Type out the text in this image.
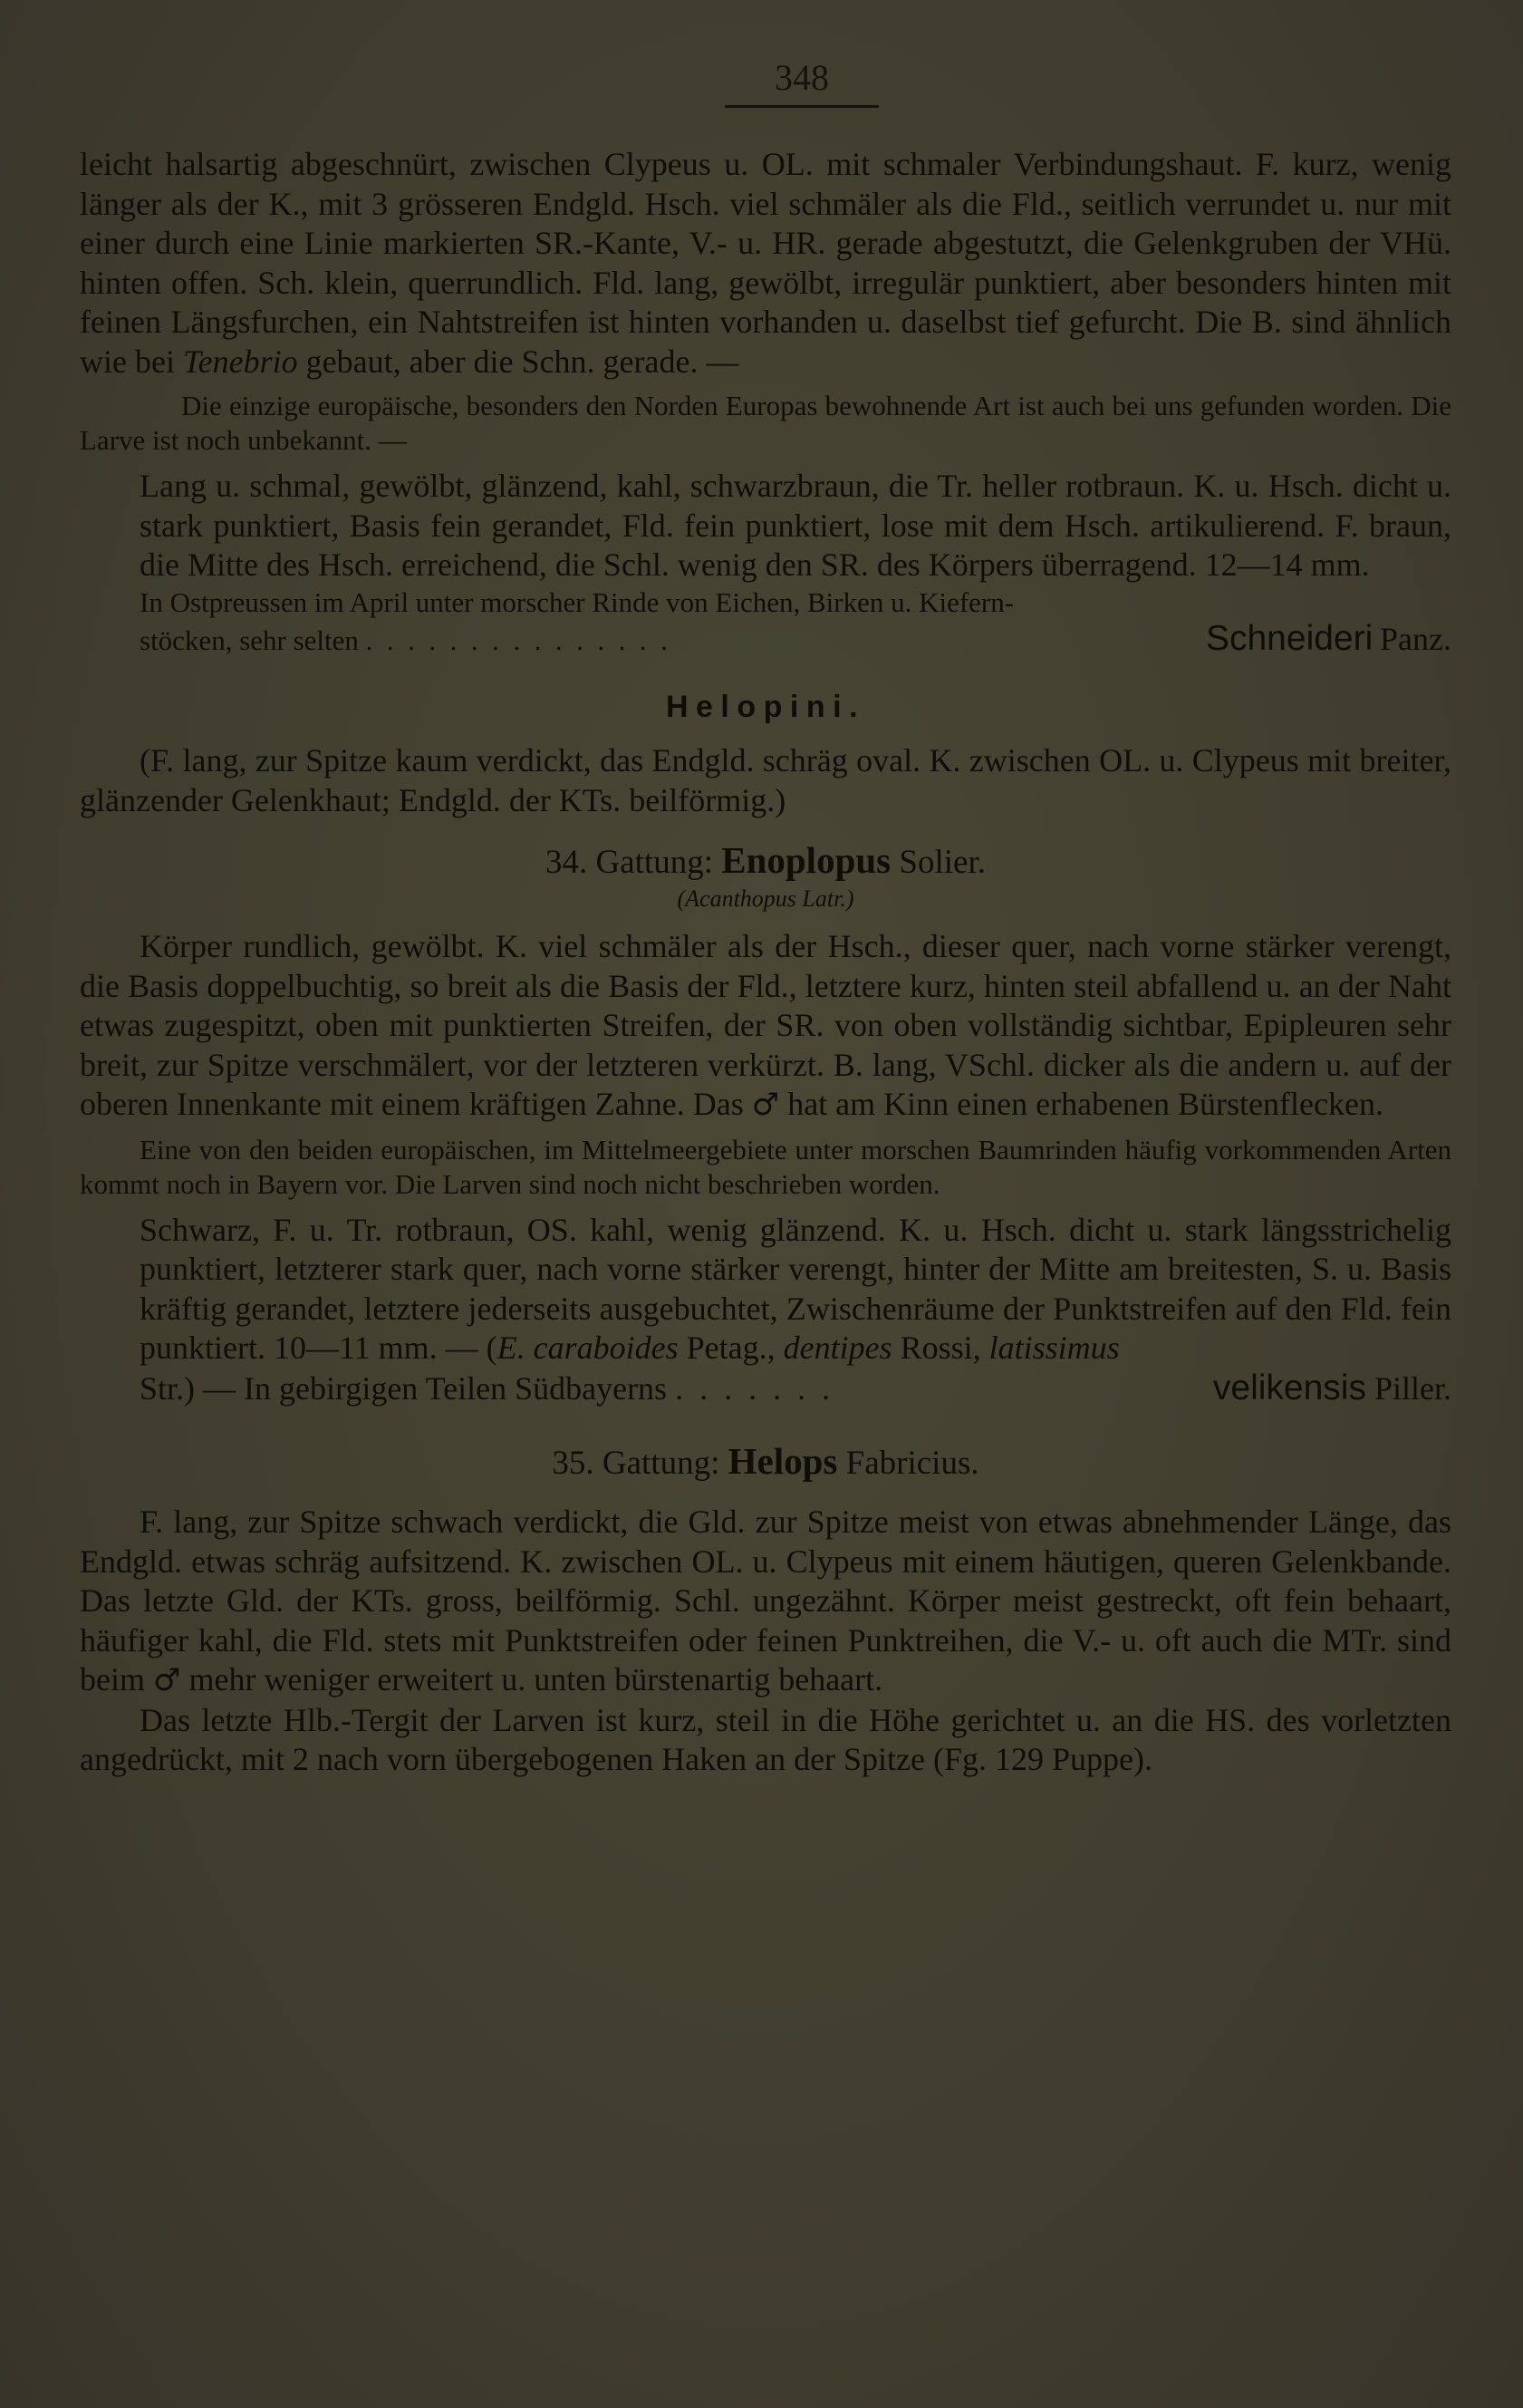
348

leicht halsartig abgeschnürt, zwischen Clypeus u. OL. mit schmaler Verbindungshaut. F. kurz, wenig länger als der K., mit 3 grösseren Endgld. Hsch. viel schmäler als die Fld., seitlich verrundet u. nur mit einer durch eine Linie markierten SR.-Kante, V.- u. HR. gerade abgestutzt, die Gelenkgruben der VHü. hinten offen. Sch. klein, querrundlich. Fld. lang, gewölbt, irregulär punktiert, aber besonders hinten mit feinen Längsfurchen, ein Nahtstreifen ist hinten vorhanden u. daselbst tief gefurcht. Die B. sind ähnlich wie bei Tenebrio gebaut, aber die Schn. gerade. —

Die einzige europäische, besonders den Norden Europas bewohnende Art ist auch bei uns gefunden worden. Die Larve ist noch unbekannt. —

Lang u. schmal, gewölbt, glänzend, kahl, schwarzbraun, die Tr. heller rotbraun. K. u. Hsch. dicht u. stark punktiert, Basis fein gerandet, Fld. fein punktiert, lose mit dem Hsch. artikulierend. F. braun, die Mitte des Hsch. erreichend, die Schl. wenig den SR. des Körpers überragend. 12—14 mm.

In Ostpreussen im April unter morscher Rinde von Eichen, Birken u. Kiefern-

stöcken, sehr selten ...............	Schneideri
Panz.
Helopini.

(F. lang, zur Spitze kaum verdickt, das Endgld. schräg oval. K. zwischen OL. u. Clypeus mit breiter, glänzender Gelenkhaut; Endgld. der KTs. beilförmig.)

34. Gattung: Enoplopus Solier.
(Acanthopus Latr.)

Körper rundlich, gewölbt. K. viel schmäler als der Hsch., dieser quer, nach vorne stärker verengt, die Basis doppelbuchtig, so breit als die Basis der Fld., letztere kurz, hinten steil abfallend u. an der Naht etwas zugespitzt, oben mit punktierten Streifen, der SR. von oben vollständig sichtbar, Epipleuren sehr breit, zur Spitze verschmälert, vor der letzteren verkürzt. B. lang, VSchl. dicker als die andern u. auf der oberen Innenkante mit einem kräftigen Zahne. Das ♂ hat am Kinn einen erhabenen Bürstenflecken.

Eine von den beiden europäischen, im Mittelmeergebiete unter morschen Baumrinden häufig vorkommenden Arten kommt noch in Bayern vor. Die Larven sind noch nicht beschrieben worden.

Schwarz, F. u. Tr. rotbraun, OS. kahl, wenig glänzend. K. u. Hsch. dicht u. stark längsstrichelig punktiert, letzterer stark quer, nach vorne stärker verengt, hinter der Mitte am breitesten, S. u. Basis kräftig gerandet, letztere jederseits ausgebuchtet, Zwischenräume der Punktstreifen auf den Fld. fein punktiert. 10—11 mm. — (E. caraboides Petag., dentipes Rossi, latissimus

Str.) — In gebirgigen Teilen Südbayerns .......	velikensis
Piller.
35. Gattung: Helops Fabricius.

F. lang, zur Spitze schwach verdickt, die Gld. zur Spitze meist von etwas abnehmender Länge, das Endgld. etwas schräg aufsitzend. K. zwischen OL. u. Clypeus mit einem häutigen, queren Gelenkbande. Das letzte Gld. der KTs. gross, beilförmig. Schl. ungezähnt. Körper meist gestreckt, oft fein behaart, häufiger kahl, die Fld. stets mit Punktstreifen oder feinen Punktreihen, die V.- u. oft auch die MTr. sind beim ♂ mehr weniger erweitert u. unten bürstenartig behaart.

Das letzte Hlb.-Tergit der Larven ist kurz, steil in die Höhe gerichtet u. an die HS. des vorletzten angedrückt, mit 2 nach vorn übergebogenen Haken an der Spitze (Fg. 129 Puppe).
